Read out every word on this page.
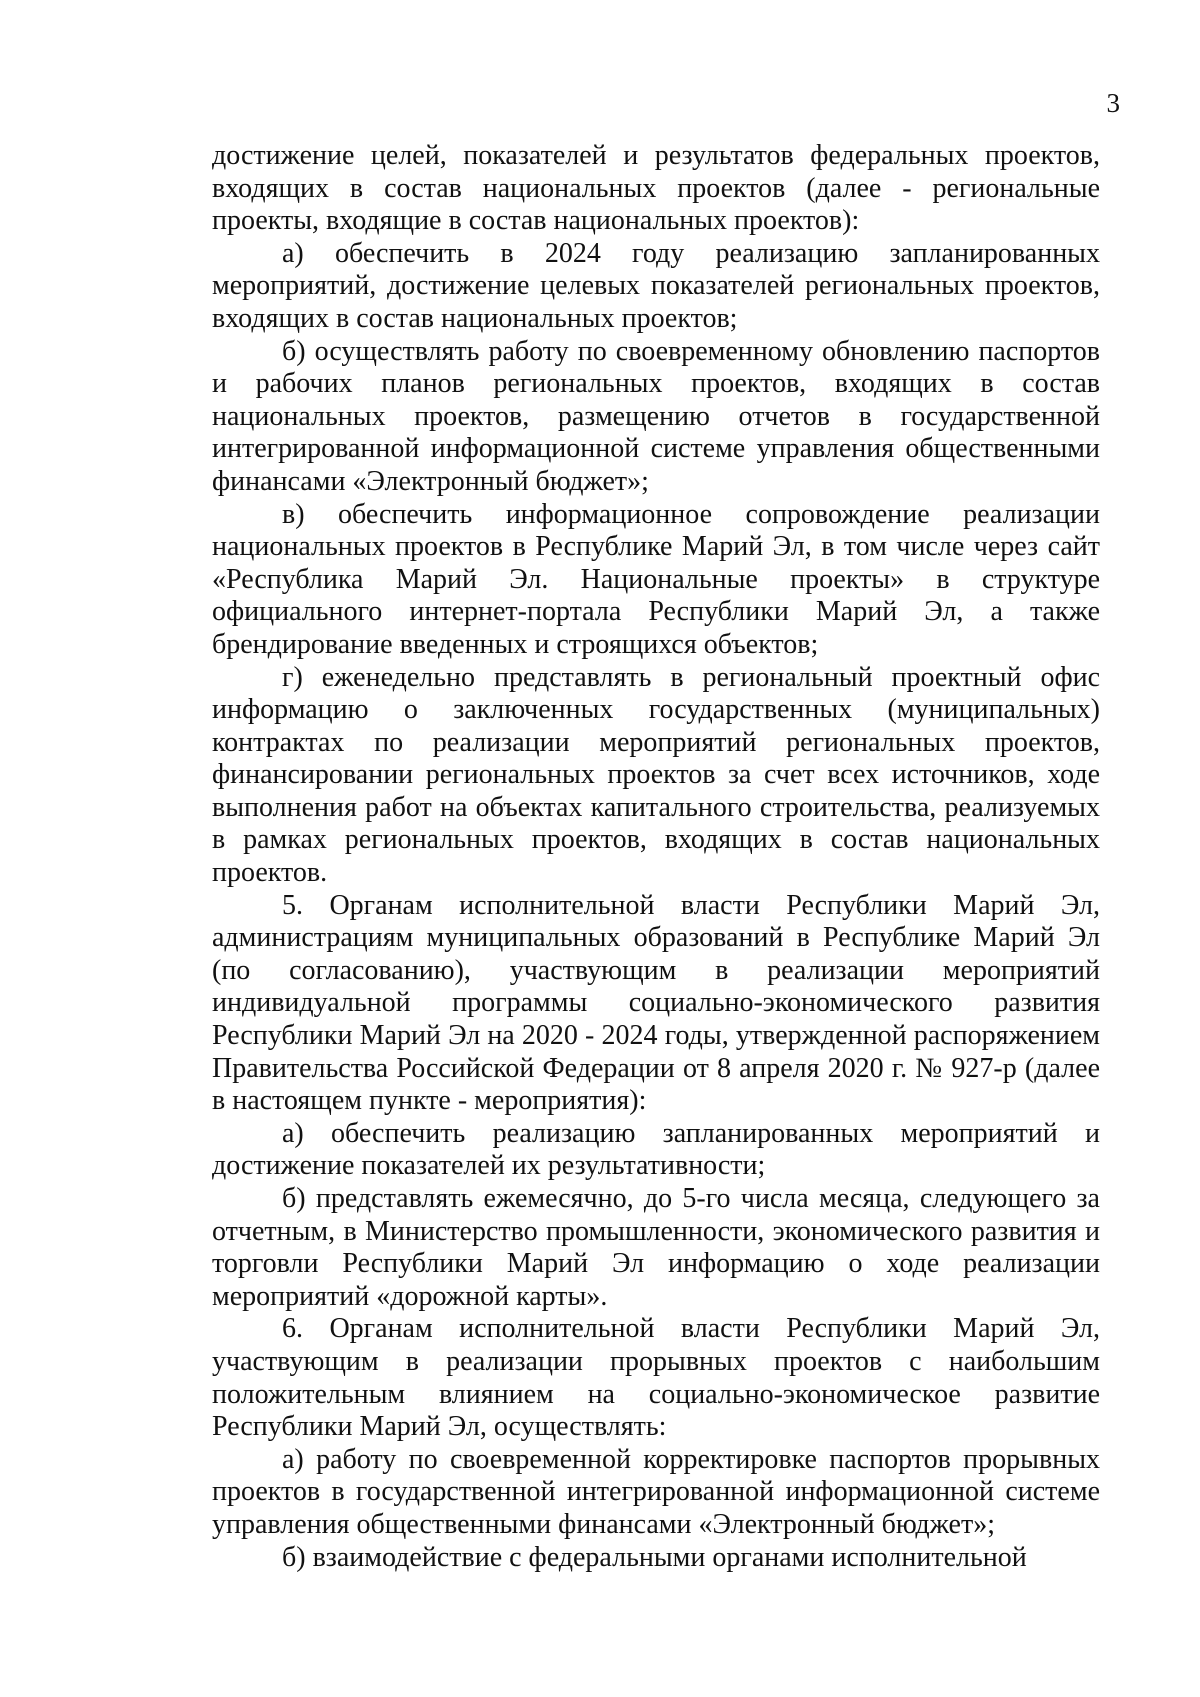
3

достижение целей, показателей и результатов федеральных проектов, входящих в состав национальных проектов (далее - региональные проекты, входящие в состав национальных проектов):

а) обеспечить в 2024 году реализацию запланированных мероприятий, достижение целевых показателей региональных проектов, входящих в состав национальных проектов;

б) осуществлять работу по своевременному обновлению паспортов и рабочих планов региональных проектов, входящих в состав национальных проектов, размещению отчетов в государственной интегрированной информационной системе управления общественными финансами «Электронный бюджет»;

в) обеспечить информационное сопровождение реализации национальных проектов в Республике Марий Эл, в том числе через сайт «Республика Марий Эл. Национальные проекты» в структуре официального интернет-портала Республики Марий Эл, а также брендирование введенных и строящихся объектов;

г) еженедельно представлять в региональный проектный офис информацию о заключенных государственных (муниципальных) контрактах по реализации мероприятий региональных проектов, финансировании региональных проектов за счет всех источников, ходе выполнения работ на объектах капитального строительства, реализуемых в рамках региональных проектов, входящих в состав национальных проектов.

5. Органам исполнительной власти Республики Марий Эл, администрациям муниципальных образований в Республике Марий Эл (по согласованию), участвующим в реализации мероприятий индивидуальной программы социально-экономического развития Республики Марий Эл на 2020 - 2024 годы, утвержденной распоряжением Правительства Российской Федерации от 8 апреля 2020 г. № 927-р (далее в настоящем пункте - мероприятия):

а) обеспечить реализацию запланированных мероприятий и достижение показателей их результативности;

б) представлять ежемесячно, до 5-го числа месяца, следующего за отчетным, в Министерство промышленности, экономического развития и торговли Республики Марий Эл информацию о ходе реализации мероприятий «дорожной карты».

6. Органам исполнительной власти Республики Марий Эл, участвующим в реализации прорывных проектов с наибольшим положительным влиянием на социально-экономическое развитие Республики Марий Эл, осуществлять:

а) работу по своевременной корректировке паспортов прорывных проектов в государственной интегрированной информационной системе управления общественными финансами «Электронный бюджет»;

б) взаимодействие с федеральными органами исполнительной
